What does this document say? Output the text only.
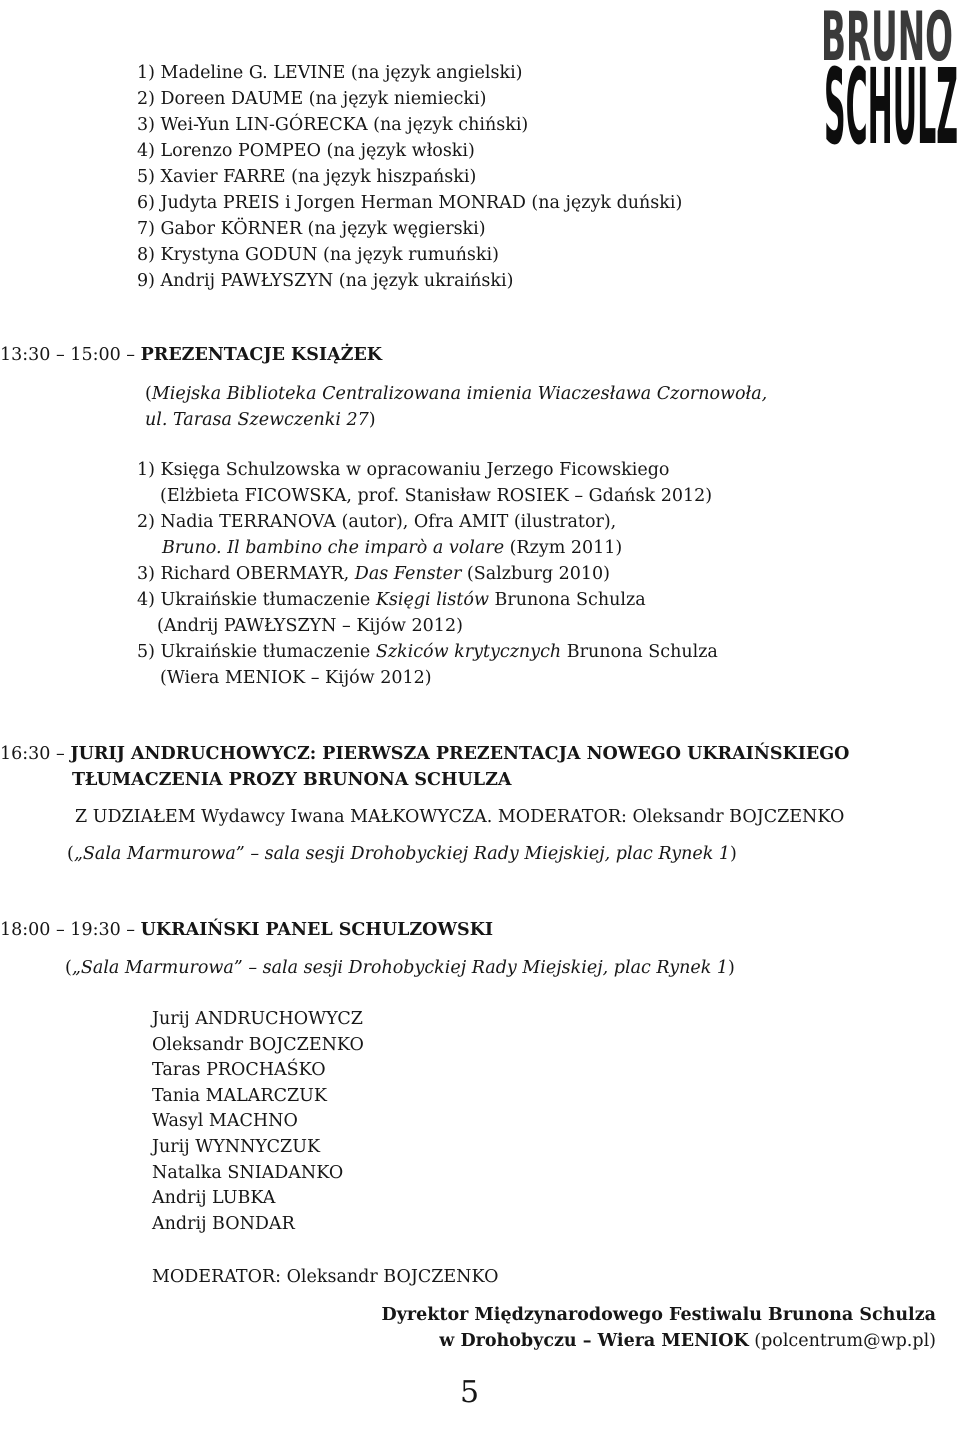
BRUNO
SCHULZ
1) Madeline G. LEVINE (na język angielski)
2) Doreen DAUME (na język niemiecki)
3) Wei-Yun LIN-GÓRECKA (na język chiński)
4) Lorenzo POMPEO (na język włoski)
5) Xavier FARRE (na język hiszpański)
6) Judyta PREIS i Jorgen Herman MONRAD (na język duński)
7) Gabor KÖRNER (na język węgierski)
8) Krystyna GODUN (na język rumuński)
9) Andrij PAWŁYSZYN (na język ukraiński)
13:30 – 15:00 – PREZENTACJE KSIĄŻEK
(Miejska Biblioteka Centralizowana imienia Wiaczesława Czornowoła,
ul. Tarasa Szewczenki 27)
1) Księga Schulzowska w opracowaniu Jerzego Ficowskiego
(Elżbieta FICOWSKA, prof. Stanisław ROSIEK – Gdańsk 2012)
2) Nadia TERRANOVA (autor), Ofra AMIT (ilustrator),
Bruno. Il bambino che imparò a volare (Rzym 2011)
3) Richard OBERMAYR, Das Fenster (Salzburg 2010)
4) Ukraińskie tłumaczenie Księgi listów Brunona Schulza
(Andrij PAWŁYSZYN – Kijów 2012)
5) Ukraińskie tłumaczenie Szkiców krytycznych Brunona Schulza
(Wiera MENIOK – Kijów 2012)
16:30 – JURIJ ANDRUCHOWYCZ: PIERWSZA PREZENTACJA NOWEGO UKRAIŃSKIEGO
TŁUMACZENIA PROZY BRUNONA SCHULZA
Z UDZIAŁEM Wydawcy Iwana MAŁKOWYCZA. MODERATOR: Oleksandr BOJCZENKO
(„Sala Marmurowa” – sala sesji Drohobyckiej Rady Miejskiej, plac Rynek 1)
18:00 – 19:30 – UKRAIŃSKI PANEL SCHULZOWSKI
(„Sala Marmurowa” – sala sesji Drohobyckiej Rady Miejskiej, plac Rynek 1)
Jurij ANDRUCHOWYCZ
Oleksandr BOJCZENKO
Taras PROCHAŚKO
Tania MALARCZUK
Wasyl MACHNO
Jurij WYNNYCZUK
Natalka SNIADANKO
Andrij LUBKA
Andrij BONDAR
MODERATOR: Oleksandr BOJCZENKO
Dyrektor Międzynarodowego Festiwalu Brunona Schulza
w Drohobyczu – Wiera MENIOK (polcentrum@wp.pl)
5
